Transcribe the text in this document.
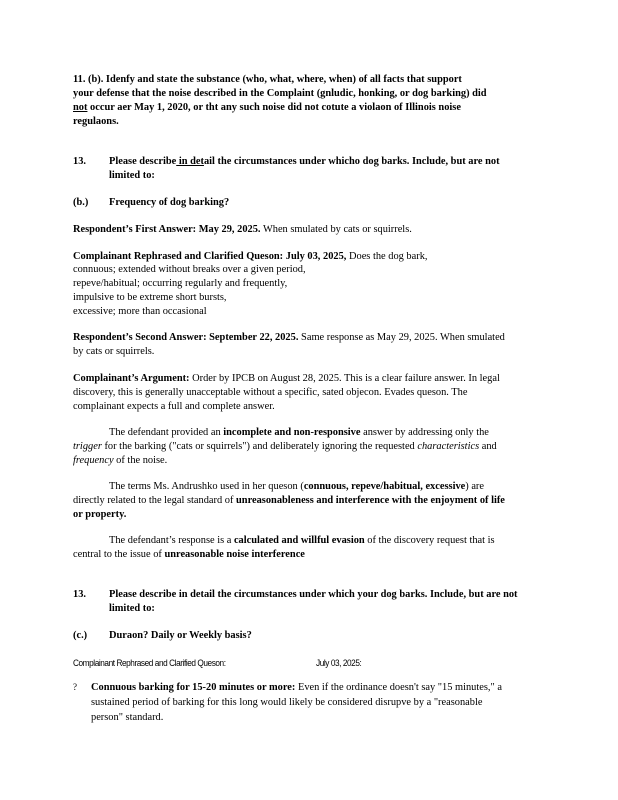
11. (b). Idenfy and state the substance (who, what, where, when) of all facts that support
your defense that the noise described in the Complaint (gnludic, honking, or dog barking) did
not occur aer May 1, 2020, or tht any such noise did not cotute a violaon of Illinois noise
regulaons.
13. Please describe in detail the circumstances under whicho dog barks. Include, but are not
limited to:
(b.) Frequency of dog barking?
Respondent’s First Answer: May 29, 2025. When smulated by cats or squirrels.
Complainant Rephrased and Clarified Queson: July 03, 2025, Does the dog bark,
connuous; extended without breaks over a given period,
repeve/habitual; occurring regularly and frequently,
impulsive to be extreme short bursts,
excessive; more than occasional
Respondent’s Second Answer: September 22, 2025. Same response as May 29, 2025. When smulated
by cats or squirrels.
Complainant’s Argument: Order by IPCB on August 28, 2025. This is a clear failure answer. In legal
discovery, this is generally unacceptable without a specific, sated objecon. Evades queson. The
complainant expects a full and complete answer.
The defendant provided an incomplete and non-responsive answer by addressing only the
trigger for the barking ("cats or squirrels") and deliberately ignoring the requested characteristics and
frequency of the noise.
The terms Ms. Andrushko used in her queson (connuous, repeve/habitual, excessive) are
directly related to the legal standard of unreasonableness and interference with the enjoyment of life
or property.
The defendant’s response is a calculated and willful evasion of the discovery request that is
central to the issue of unreasonable noise interference
13. Please describe in detail the circumstances under which your dog barks. Include, but are not
limited to:
(c.) Duraon? Daily or Weekly basis?
Complainant Rephrased and Clarified Queson:	July 03, 2025:
? Connuous barking for 15-20 minutes or more: Even if the ordinance doesn't say "15 minutes," a
sustained period of barking for this long would likely be considered disrupve by a "reasonable
person" standard.
